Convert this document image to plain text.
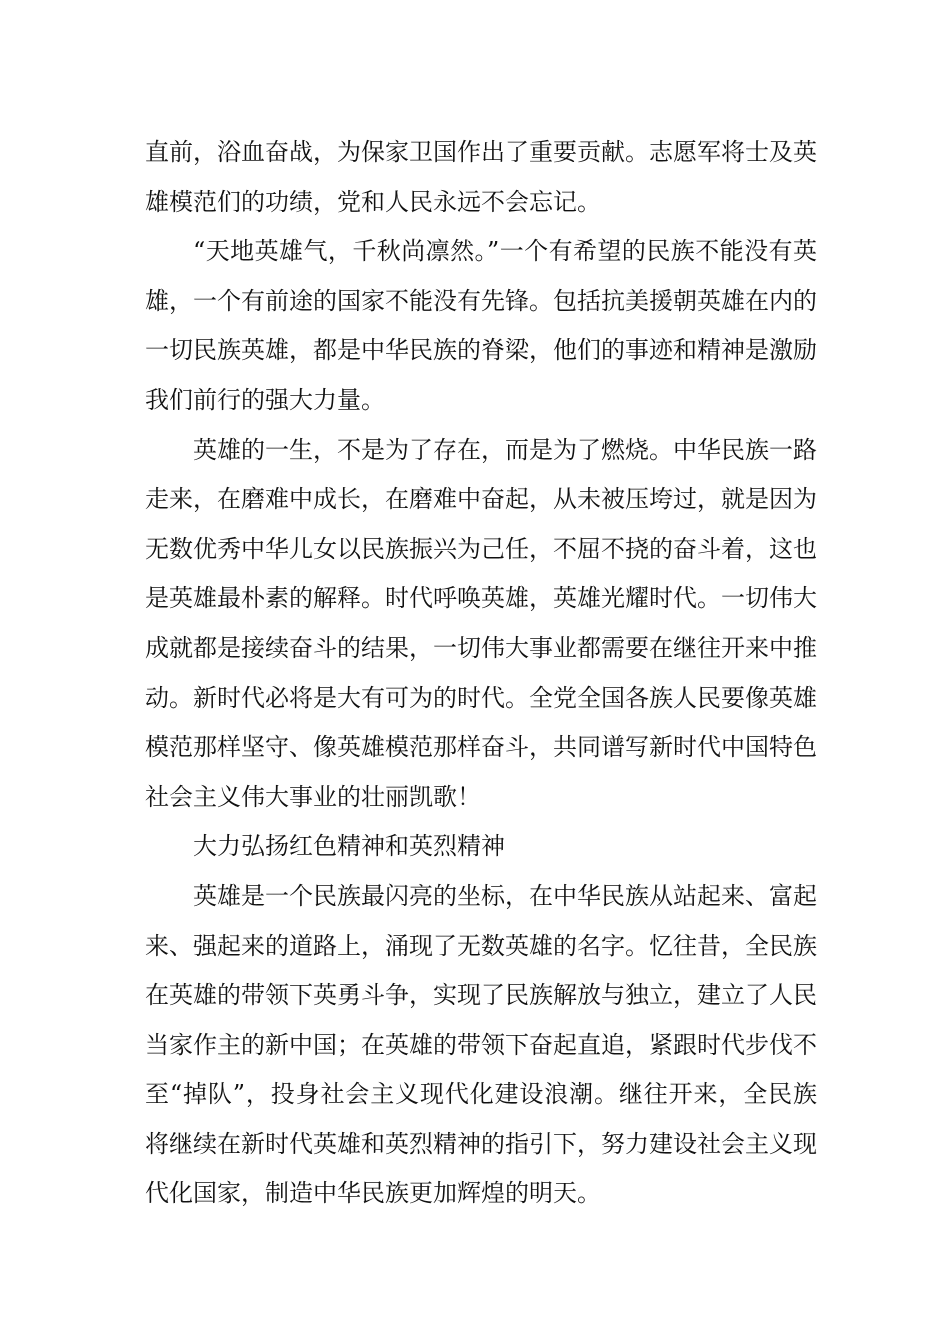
直前，浴血奋战，为保家卫国作出了重要贡献。志愿军将士及英雄模范们的功绩，党和人民永远不会忘记。

“天地英雄气，千秋尚凛然。”一个有希望的民族不能没有英雄，一个有前途的国家不能没有先锋。包括抗美援朝英雄在内的一切民族英雄，都是中华民族的脊梁，他们的事迹和精神是激励我们前行的强大力量。

英雄的一生，不是为了存在，而是为了燃烧。中华民族一路走来，在磨难中成长，在磨难中奋起，从未被压垮过，就是因为无数优秀中华儿女以民族振兴为己任，不屈不挠的奋斗着，这也是英雄最朴素的解释。时代呼唤英雄，英雄光耀时代。一切伟大成就都是接续奋斗的结果，一切伟大事业都需要在继往开来中推动。新时代必将是大有可为的时代。全党全国各族人民要像英雄模范那样坚守、像英雄模范那样奋斗，共同谱写新时代中国特色社会主义伟大事业的壮丽凯歌！

大力弘扬红色精神和英烈精神

英雄是一个民族最闪亮的坐标，在中华民族从站起来、富起来、强起来的道路上，涌现了无数英雄的名字。忆往昔，全民族在英雄的带领下英勇斗争，实现了民族解放与独立，建立了人民当家作主的新中国；在英雄的带领下奋起直追，紧跟时代步伐不至“掉队”，投身社会主义现代化建设浪潮。继往开来，全民族将继续在新时代英雄和英烈精神的指引下，努力建设社会主义现代化国家，制造中华民族更加辉煌的明天。
